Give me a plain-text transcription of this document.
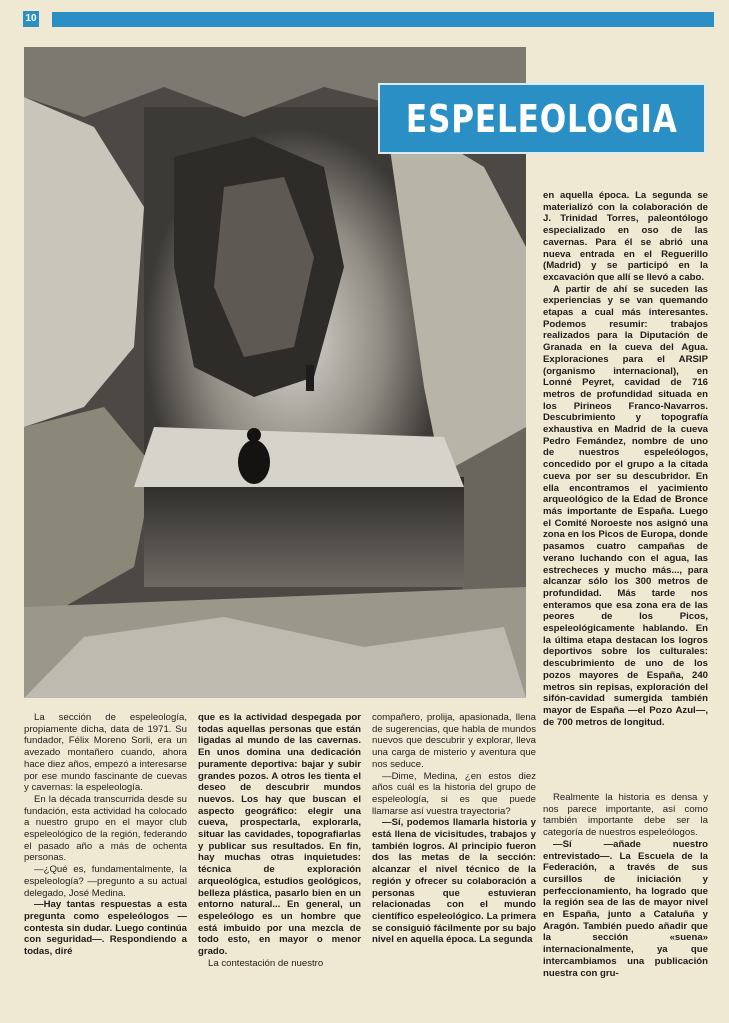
10
ESPELEOLOGIA

en aquella época. La segunda se materializó con la colaboración de J. Trinidad Torres, paleontólogo especializado en oso de las cavernas. Para él se abrió una nueva entrada en el Reguerillo (Madrid) y se participó en la excavación que allí se llevó a cabo.

A partir de ahí se suceden las experiencias y se van quemando etapas a cual más interesantes. Podemos resumir: trabajos realizados para la Diputación de Granada en la cueva del Agua. Exploraciones para el ARSIP (organismo internacional), en Lonné Peyret, cavidad de 716 metros de profundidad situada en los Pirineos Franco-Navarros. Descubrimiento y topografía exhaustiva en Madrid de la cueva Pedro Femández, nombre de uno de nuestros espeleólogos, concedido por el grupo a la citada cueva por ser su descubridor. En ella encontramos el yacimiento arqueológico de la Edad de Bronce más importante de España. Luego el Comité Noroeste nos asignó una zona en los Picos de Europa, donde pasamos cuatro campañas de verano luchando con el agua, las estrecheces y mucho más..., para alcanzar sólo los 300 metros de profundidad. Más tarde nos enteramos que esa zona era de las peores de los Picos, espeleológicamente hablando. En la última etapa destacan los logros deportivos sobre los culturales: descubrimiento de uno de los pozos mayores de España, 240 metros sin repisas, exploración del sifón-cavidad sumergida también mayor de España —el Pozo Azul—, de 700 metros de longitud.

La sección de espeleología, propiamente dicha, data de 1971. Su fundador, Félix Moreno Sorli, era un avezado montañero cuando, ahora hace diez años, empezó a interesarse por ese mundo fascinante de cuevas y cavernas: la espeleología.

En la década transcurrida desde su fundación, esta actividad ha colocado a nuestro grupo en el mayor club espeleológico de la región, federando el pasado año a más de ochenta personas.

—¿Qué es, fundamentalmente, la espeleología? —pregunto a su actual delegado, José Medina.

—Hay tantas respuestas a esta pregunta como espeleólogos —contesta sin dudar. Luego continúa con seguridad—. Respondiendo a todas, diré

que es la actividad despegada por todas aquellas personas que están ligadas al mundo de las cavernas. En unos domina una dedicación puramente deportiva: bajar y subir grandes pozos. A otros les tienta el deseo de descubrir mundos nuevos. Los hay que buscan el aspecto geográfico: elegir una cueva, prospectarla, explorarla, situar las cavidades, topografiarlas y publicar sus resultados. En fin, hay muchas otras inquietudes: técnica de exploración arqueológica, estudios geológicos, belleza plástica, pasarlo bien en un entorno natural... En general, un espeleólogo es un hombre que está imbuido por una mezcla de todo esto, en mayor o menor grado.

La contestación de nuestro

compañero, prolija, apasionada, llena de sugerencias, que habla de mundos nuevos que descubrir y explorar, lleva una carga de misterio y aventura que nos seduce.

—Dime, Medina, ¿en estos diez años cuál es la historia del grupo de espeleología, si es que puede llamarse así vuestra trayectoria?

—Sí, podemos llamarla historia y está llena de vicisitudes, trabajos y también logros. Al principio fueron dos las metas de la sección: alcanzar el nivel técnico de la región y ofrecer su colaboración a personas que estuvieran relacionadas con el mundo científico espeleológico. La primera se consiguió fácilmente por su bajo nivel en aquella época. La segunda

Realmente la historia es densa y nos parece importante, así como también importante debe ser la categoría de nuestros espeleólogos.

—Sí —añade nuestro entrevistado—. La Escuela de la Federación, a través de sus cursillos de iniciación y perfeccionamiento, ha logrado que la región sea de las de mayor nivel en España, junto a Cataluña y Aragón. También puedo añadir que la sección «suena» internacionalmente, ya que intercambiamos una publicación nuestra con gru-
